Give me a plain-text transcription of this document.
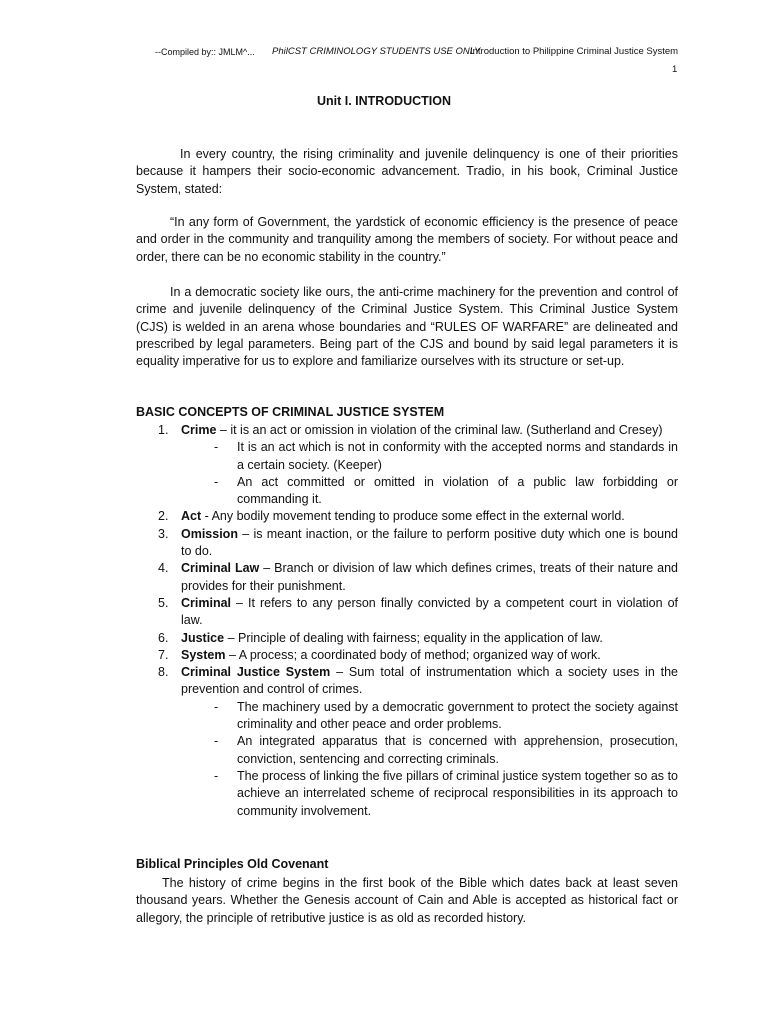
--Compiled by:: JMLM^... PhilCST CRIMINOLOGY STUDENTS USE ONLY
Introduction to Philippine Criminal Justice System
1
Unit I. INTRODUCTION

In every country, the rising criminality and juvenile delinquency is one of their priorities because it hampers their socio-economic advancement. Tradio, in his book, Criminal Justice System, stated:

“In any form of Government, the yardstick of economic efficiency is the presence of peace and order in the community and tranquility among the members of society. For without peace and order, there can be no economic stability in the country.”

In a democratic society like ours, the anti-crime machinery for the prevention and control of crime and juvenile delinquency of the Criminal Justice System. This Criminal Justice System (CJS) is welded in an arena whose boundaries and “RULES OF WARFARE” are delineated and prescribed by legal parameters. Being part of the CJS and bound by said legal parameters it is equality imperative for us to explore and familiarize ourselves with its structure or set-up.

BASIC CONCEPTS OF CRIMINAL JUSTICE SYSTEM
1. Crime – it is an act or omission in violation of the criminal law. (Sutherland and Cresey)
- It is an act which is not in conformity with the accepted norms and standards in a certain society. (Keeper)
- An act committed or omitted in violation of a public law forbidding or commanding it.
2. Act - Any bodily movement tending to produce some effect in the external world.
3. Omission – is meant inaction, or the failure to perform positive duty which one is bound to do.
4. Criminal Law – Branch or division of law which defines crimes, treats of their nature and provides for their punishment.
5. Criminal – It refers to any person finally convicted by a competent court in violation of law.
6. Justice – Principle of dealing with fairness; equality in the application of law.
7. System – A process; a coordinated body of method; organized way of work.
8. Criminal Justice System – Sum total of instrumentation which a society uses in the prevention and control of crimes.
- The machinery used by a democratic government to protect the society against criminality and other peace and order problems.
- An integrated apparatus that is concerned with apprehension, prosecution, conviction, sentencing and correcting criminals.
- The process of linking the five pillars of criminal justice system together so as to achieve an interrelated scheme of reciprocal responsibilities in its approach to community involvement.
Biblical Principles Old Covenant

The history of crime begins in the first book of the Bible which dates back at least seven thousand years. Whether the Genesis account of Cain and Able is accepted as historical fact or allegory, the principle of retributive justice is as old as recorded history.
